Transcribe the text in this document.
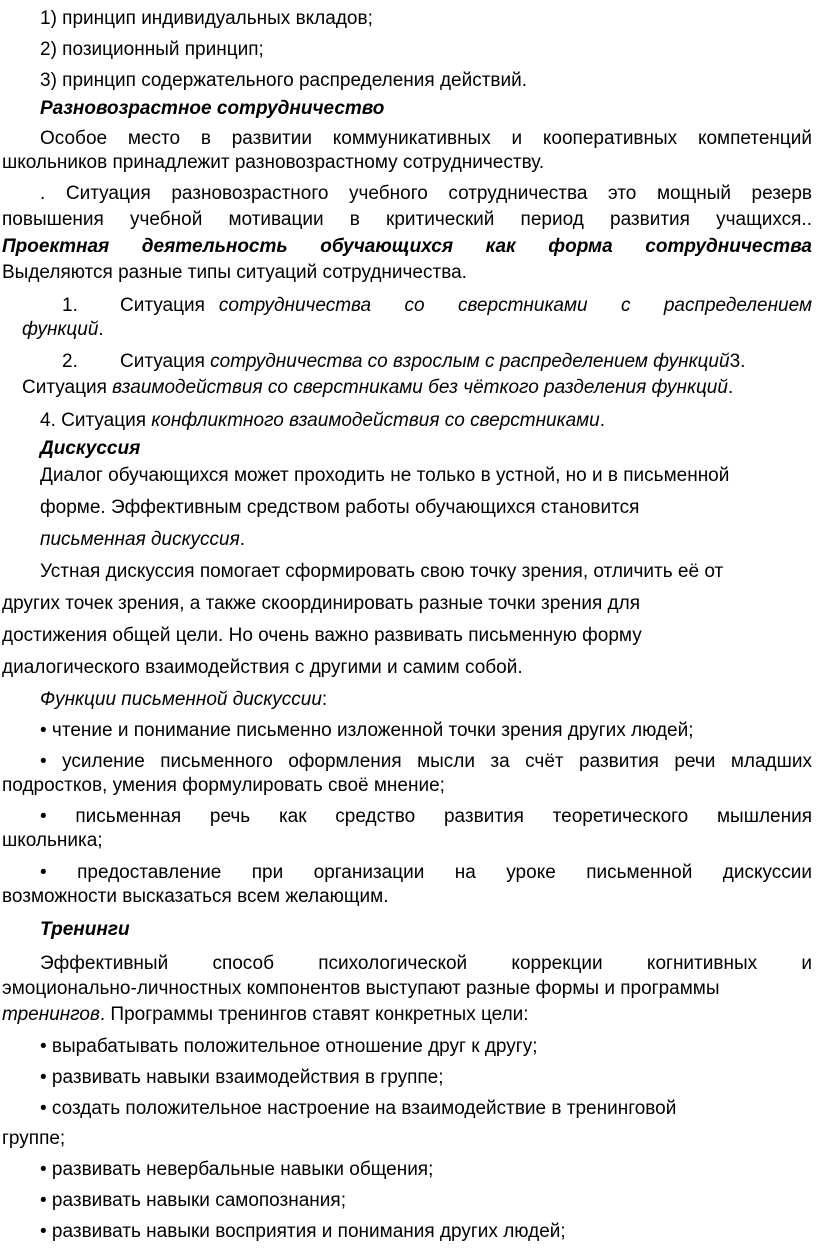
1) принцип индивидуальных вкладов;
2) позиционный принцип;
3) принцип содержательного распределения действий.
Разновозрастное сотрудничество
Особое место в развитии коммуникативных и кооперативных компетенций
школьников принадлежит разновозрастному сотрудничеству.
. Ситуация разновозрастного учебного сотрудничества это мощный резерв
повышения учебной мотивации в критический период развития учащихся..
Проектная деятельность обучающихся как форма сотрудничества
Выделяются разные типы ситуаций сотрудничества.
1. Ситуация сотрудничества со сверстниками с распределением
функций.
2. Ситуация сотрудничества со взрослым с распределением функций3.
Ситуация взаимодействия со сверстниками без чёткого разделения функций.
4. Ситуация конфликтного взаимодействия со сверстниками.
Дискуссия
Диалог обучающихся может проходить не только в устной, но и в письменной
форме. Эффективным средством работы обучающихся становится
письменная дискуссия.
Устная дискуссия помогает сформировать свою точку зрения, отличить её от
других точек зрения, а также скоординировать разные точки зрения для
достижения общей цели. Но очень важно развивать письменную форму
диалогического взаимодействия с другими и самим собой.
Функции письменной дискуссии:
• чтение и понимание письменно изложенной точки зрения других людей;
• усиление письменного оформления мысли за счёт развития речи младших
подростков, умения формулировать своё мнение;
• письменная речь как средство развития теоретического мышления
школьника;
• предоставление при организации на уроке письменной дискуссии
возможности высказаться всем желающим.
Тренинги
Эффективный способ психологической коррекции когнитивных и
эмоционально-личностных компонентов выступают разные формы и программы
тренингов. Программы тренингов ставят конкретных цели:
• вырабатывать положительное отношение друг к другу;
• развивать навыки взаимодействия в группе;
• создать положительное настроение на взаимодействие в тренинговой
группе;
• развивать невербальные навыки общения;
• развивать навыки самопознания;
• развивать навыки восприятия и понимания других людей;
